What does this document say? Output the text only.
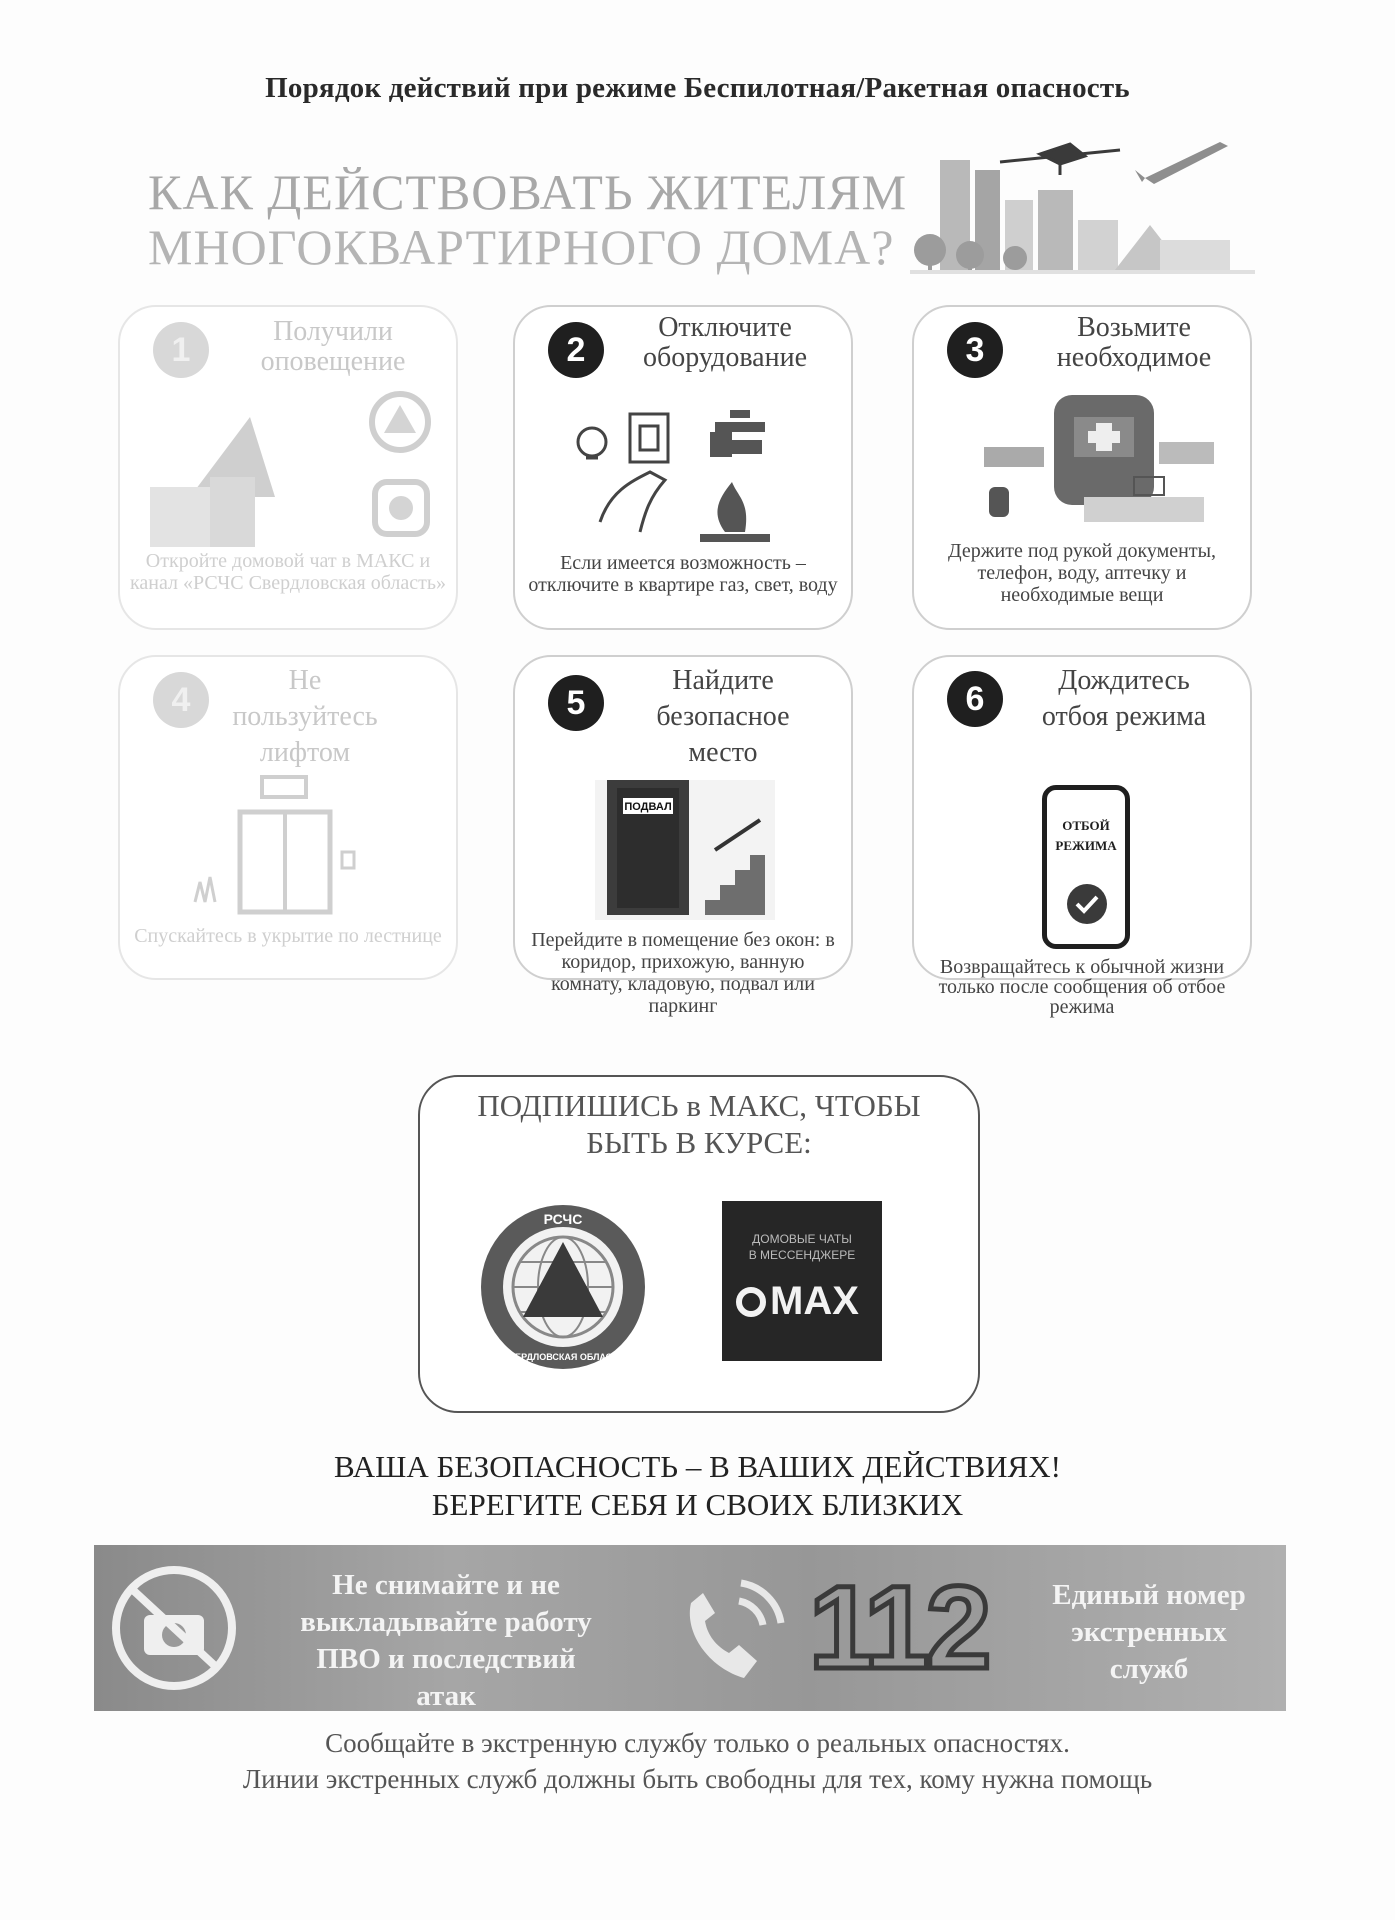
Порядок действий при режиме Беспилотная/Ракетная опасность
КАК ДЕЙСТВОВАТЬ ЖИТЕЛЯМ
МНОГОКВАРТИРНОГО ДОМА?
1	Получили оповещение
Откройте домовой чат в МАКС и канал «РСЧС Свердловская область»
2
Отключите оборудование
Если имеется возможность – отключите в квартире газ, свет, воду
3
Возьмите необходимое
Держите под рукой документы, телефон, воду, аптечку и необходимые вещи
4
Не пользуйтесь лифтом
Спускайтесь в укрытие по лестнице
5
Найдите безопасное место
ПОДВАЛ
Перейдите в помещение без окон: в коридор, прихожую, ванную комнату, кладовую, подвал или паркинг
6	Дождитесь отбоя режима
ОТБОЙ
РЕЖИМА
Возвращайтесь к обычной жизни только после сообщения об отбое режима
ПОДПИШИСЬ в МАКС, ЧТОБЫ
БЫТЬ В КУРСЕ:
РСЧС
СВЕРДЛОВСКАЯ ОБЛАСТЬ
ДОМОВЫЕ ЧАТЫ
В МЕССЕНДЖЕРЕ
MAX
ВАША БЕЗОПАСНОСТЬ – В ВАШИХ ДЕЙСТВИЯХ!
БЕРЕГИТЕ СЕБЯ И СВОИХ БЛИЗКИХ
Не снимайте и не выкладывайте работу ПВО и последствий атак
112	Единый номер экстренных служб
Сообщайте в экстренную службу только о реальных опасностях.
Линии экстренных служб должны быть свободны для тех, кому нужна помощь
